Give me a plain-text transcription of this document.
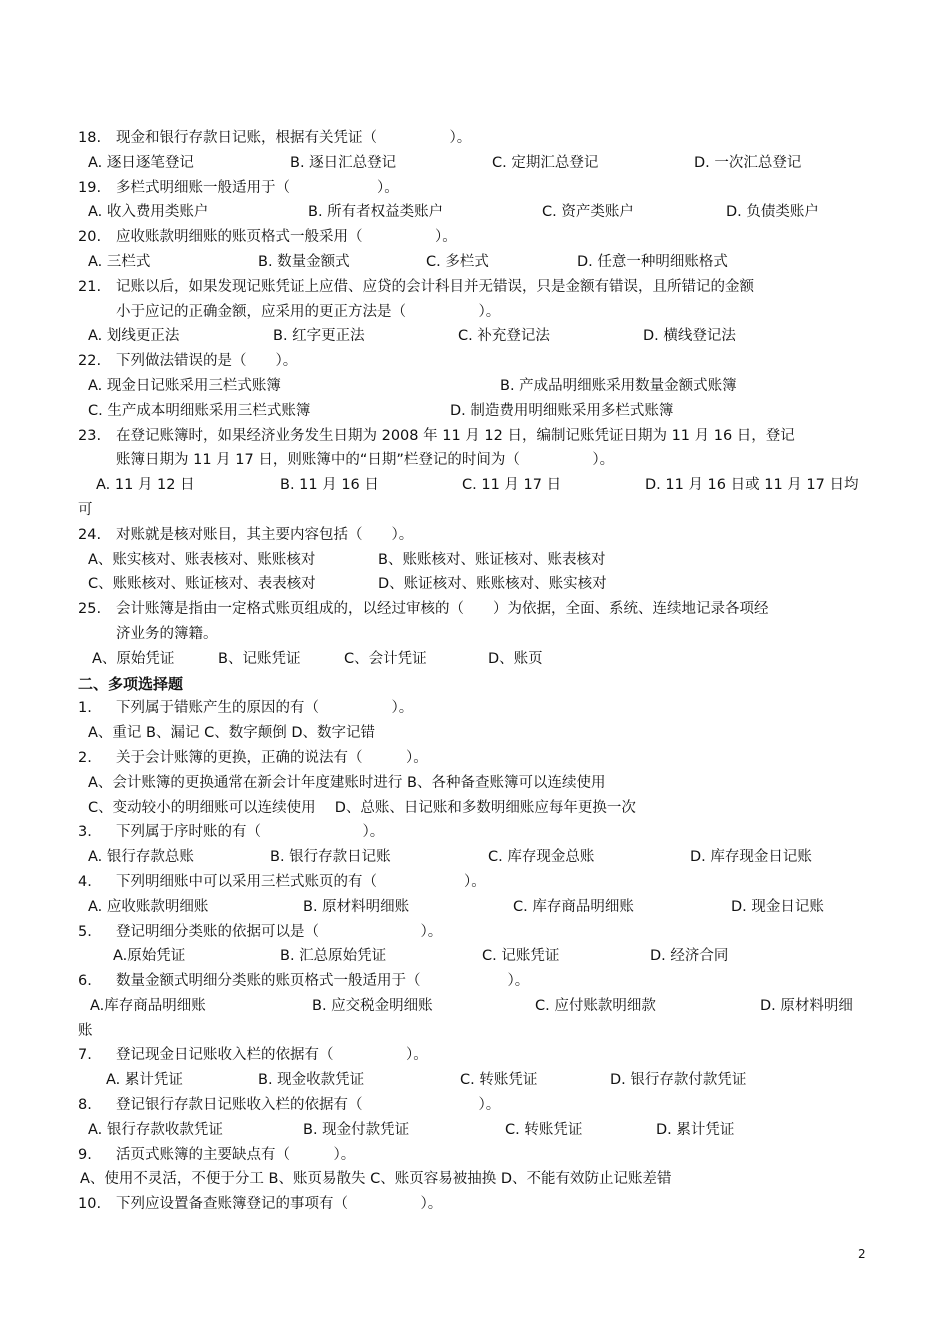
18. 现金和银行存款日记账，根据有关凭证（　　　　　）。
A. 逐日逐笔登记	B. 逐日汇总登记	C. 定期汇总登记	D. 一次汇总登记
19. 多栏式明细账一般适用于（　　　　　　）。
A. 收入费用类账户	B. 所有者权益类账户	C. 资产类账户	D. 负债类账户
20. 应收账款明细账的账页格式一般采用（　　　　　）。
A. 三栏式	B. 数量金额式	C. 多栏式	D. 任意一种明细账格式
21. 记账以后，如果发现记账凭证上应借、应贷的会计科目并无错误，只是金额有错误，且所错记的金额
小于应记的正确金额，应采用的更正方法是（　　　　　）。
A. 划线更正法	B. 红字更正法	C. 补充登记法	D. 横线登记法
22. 下列做法错误的是（　　）。
A. 现金日记账采用三栏式账簿	B. 产成品明细账采用数量金额式账簿
C. 生产成本明细账采用三栏式账簿	D. 制造费用明细账采用多栏式账簿
23. 在登记账簿时，如果经济业务发生日期为 2008 年 11 月 12 日，编制记账凭证日期为 11 月 16 日，登记
账簿日期为 11 月 17 日，则账簿中的“日期”栏登记的时间为（　　　　　）。
A. 11 月 12 日	B. 11 月 16 日	C. 11 月 17 日	D. 11 月 16 日或 11 月 17 日均
可
24. 对账就是核对账目，其主要内容包括（　　）。
A、账实核对、账表核对、账账核对	B、账账核对、账证核对、账表核对
C、账账核对、账证核对、表表核对	D、账证核对、账账核对、账实核对
25. 会计账簿是指由一定格式账页组成的，以经过审核的（　　）为依据，全面、系统、连续地记录各项经
济业务的簿籍。
A、原始凭证	B、记账凭证	C、会计凭证	D、账页
二、多项选择题
1. 下列属于错账产生的原因的有（　　　　　）。
A、重记 B、漏记 C、数字颠倒 D、数字记错
2. 关于会计账簿的更换，正确的说法有（　　　）。
A、会计账簿的更换通常在新会计年度建账时进行 B、各种备查账簿可以连续使用
C、变动较小的明细账可以连续使用　 D、总账、日记账和多数明细账应每年更换一次
3. 下列属于序时账的有（　　　　　　　）。
A. 银行存款总账	B. 银行存款日记账	C. 库存现金总账	D. 库存现金日记账
4. 下列明细账中可以采用三栏式账页的有（　　　　　　）。
A. 应收账款明细账	B. 原材料明细账	C. 库存商品明细账	D. 现金日记账
5. 登记明细分类账的依据可以是（　　　　　　　）。
A.原始凭证	B. 汇总原始凭证	C. 记账凭证	D. 经济合同
6. 数量金额式明细分类账的账页格式一般适用于（　　　　　　）。
A.库存商品明细账	B. 应交税金明细账	C. 应付账款明细款	D. 原材料明细
账
7. 登记现金日记账收入栏的依据有（　　　　　）。
A. 累计凭证	B. 现金收款凭证	C. 转账凭证	D. 银行存款付款凭证
8. 登记银行存款日记账收入栏的依据有（　　　　　　　　）。
A. 银行存款收款凭证	B. 现金付款凭证	C. 转账凭证	D. 累计凭证
9. 活页式账簿的主要缺点有（　　　）。
A、使用不灵活，不便于分工 B、账页易散失 C、账页容易被抽换 D、不能有效防止记账差错
10. 下列应设置备查账簿登记的事项有（　　　　　）。
2
